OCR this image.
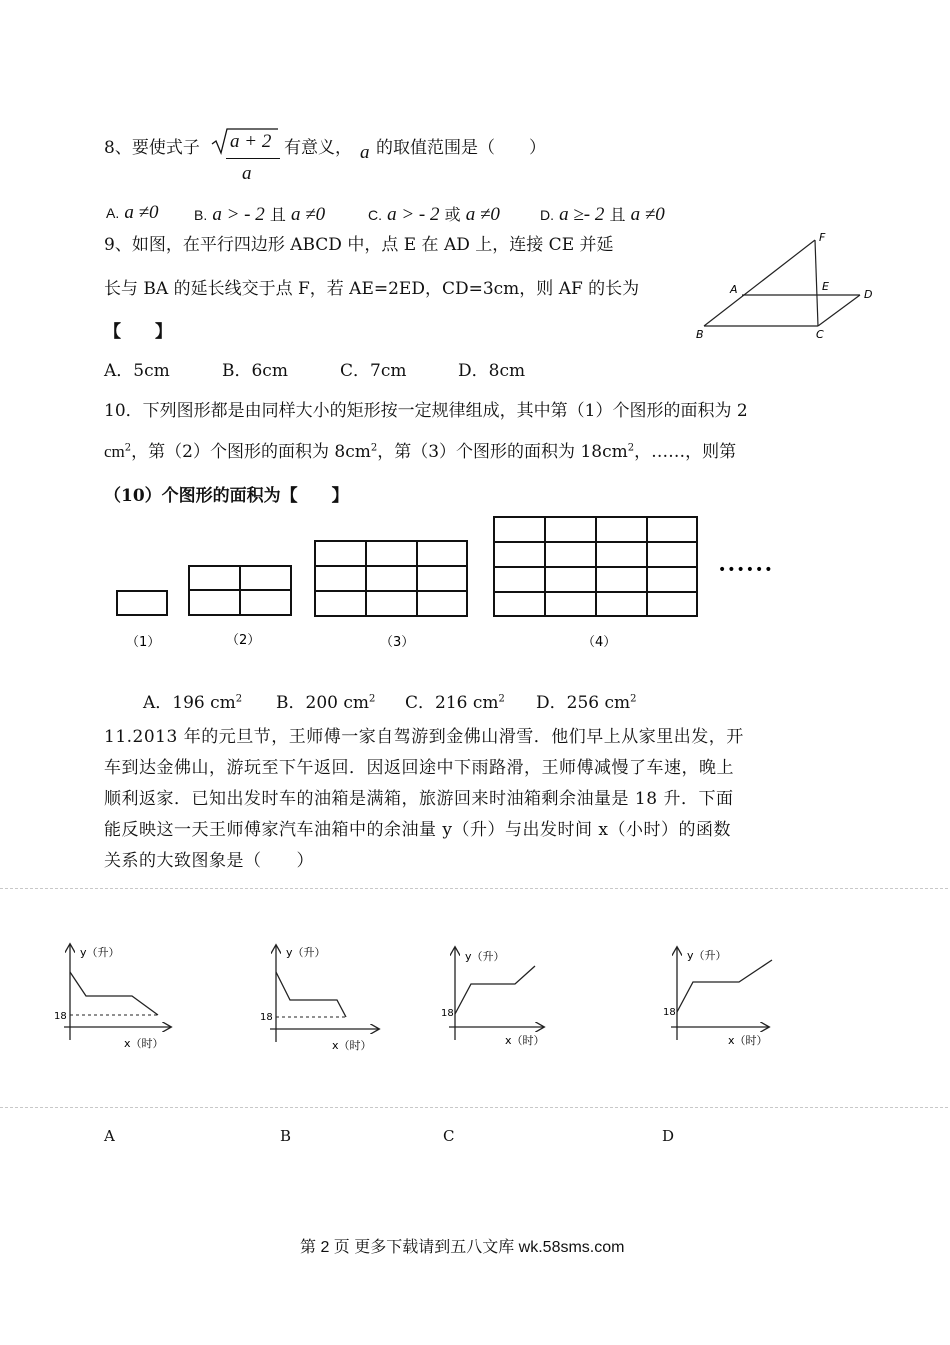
8、要使式子 a + 2
a
有意义， a 的取值范围是（　　）
A. a ≠0	B. a > - 2 且 a ≠0	C. a > - 2 或 a ≠0	D. a ≥- 2 且 a ≠0
9、如图，在平行四边形 ABCD 中，点 E 在 AD 上，连接 CE 并延
长与 BA 的延长线交于点 F，若 AE=2ED，CD=3cm，则 AF 的长为
【　　】
A．5cm	B．6cm	C．7cm	D．8cm
F
A	E
D
B	C
10．下列图形都是由同样大小的矩形按一定规律组成，其中第（1）个图形的面积为 2
$cm^2$，第（2）个图形的面积为 $8cm^2$，第（3）个图形的面积为 $18cm^2$，……，则第
（10）个图形的面积为【　　】
（1）	（2）	（3）	（4）
••••••
A．196 $cm^2$ B．200 $cm^2$ C．216 $cm^2$ D．256 $cm^2$
11.2013 年的元旦节，王师傅一家自驾游到金佛山滑雪．他们早上从家里出发，开
车到达金佛山，游玩至下午返回．因返回途中下雨路滑，王师傅减慢了车速，晚上
顺利返家．已知出发时车的油箱是满箱，旅游回来时油箱剩余油量是 18 升．下面
能反映这一天王师傅家汽车油箱中的余油量 y（升）与出发时间 x（小时）的函数
关系的大致图象是（　　）
y（升）
18
x（时）
y（升）
18
x（时）
y（升）
18
x（时）
y（升）
18
x（时）
A	B	C	D
第 2 页 更多下载请到五八文库 wk.58sms.com
